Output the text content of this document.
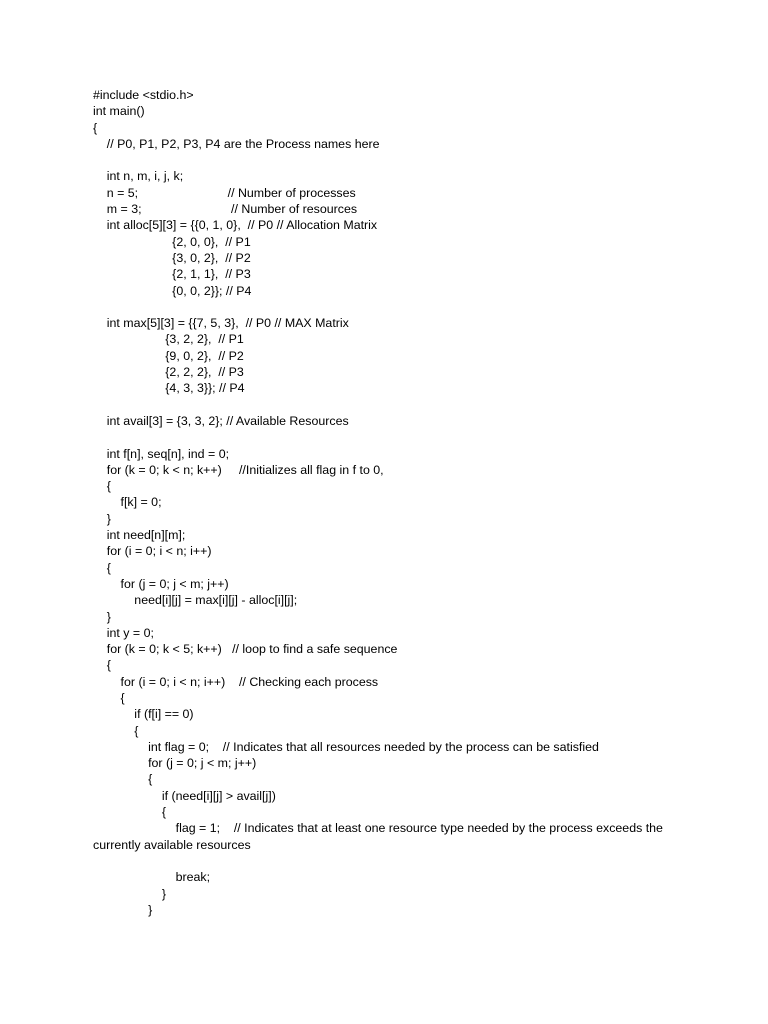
#include <stdio.h>
int main()
{
// P0, P1, P2, P3, P4 are the Process names here
int n, m, i, j, k;
n = 5;                          // Number of processes
m = 3;                          // Number of resources
int alloc[5][3] = {{0, 1, 0},  // P0 // Allocation Matrix
{2, 0, 0},  // P1
{3, 0, 2},  // P2
{2, 1, 1},  // P3
{0, 0, 2}}; // P4
int max[5][3] = {{7, 5, 3},  // P0 // MAX Matrix
{3, 2, 2},  // P1
{9, 0, 2},  // P2
{2, 2, 2},  // P3
{4, 3, 3}}; // P4
int avail[3] = {3, 3, 2}; // Available Resources
int f[n], seq[n], ind = 0;
for (k = 0; k < n; k++)     //Initializes all flag in f to 0,
{
f[k] = 0;
}
int need[n][m];
for (i = 0; i < n; i++)
{
for (j = 0; j < m; j++)
need[i][j] = max[i][j] - alloc[i][j];
}
int y = 0;
for (k = 0; k < 5; k++)   // loop to find a safe sequence
{
for (i = 0; i < n; i++)    // Checking each process
{
if (f[i] == 0)
{
int flag = 0;    // Indicates that all resources needed by the process can be satisfied
for (j = 0; j < m; j++)
{
if (need[i][j] > avail[j])
{
flag = 1;    // Indicates that at least one resource type needed by the process exceeds the currently available resources
break;
}
}
